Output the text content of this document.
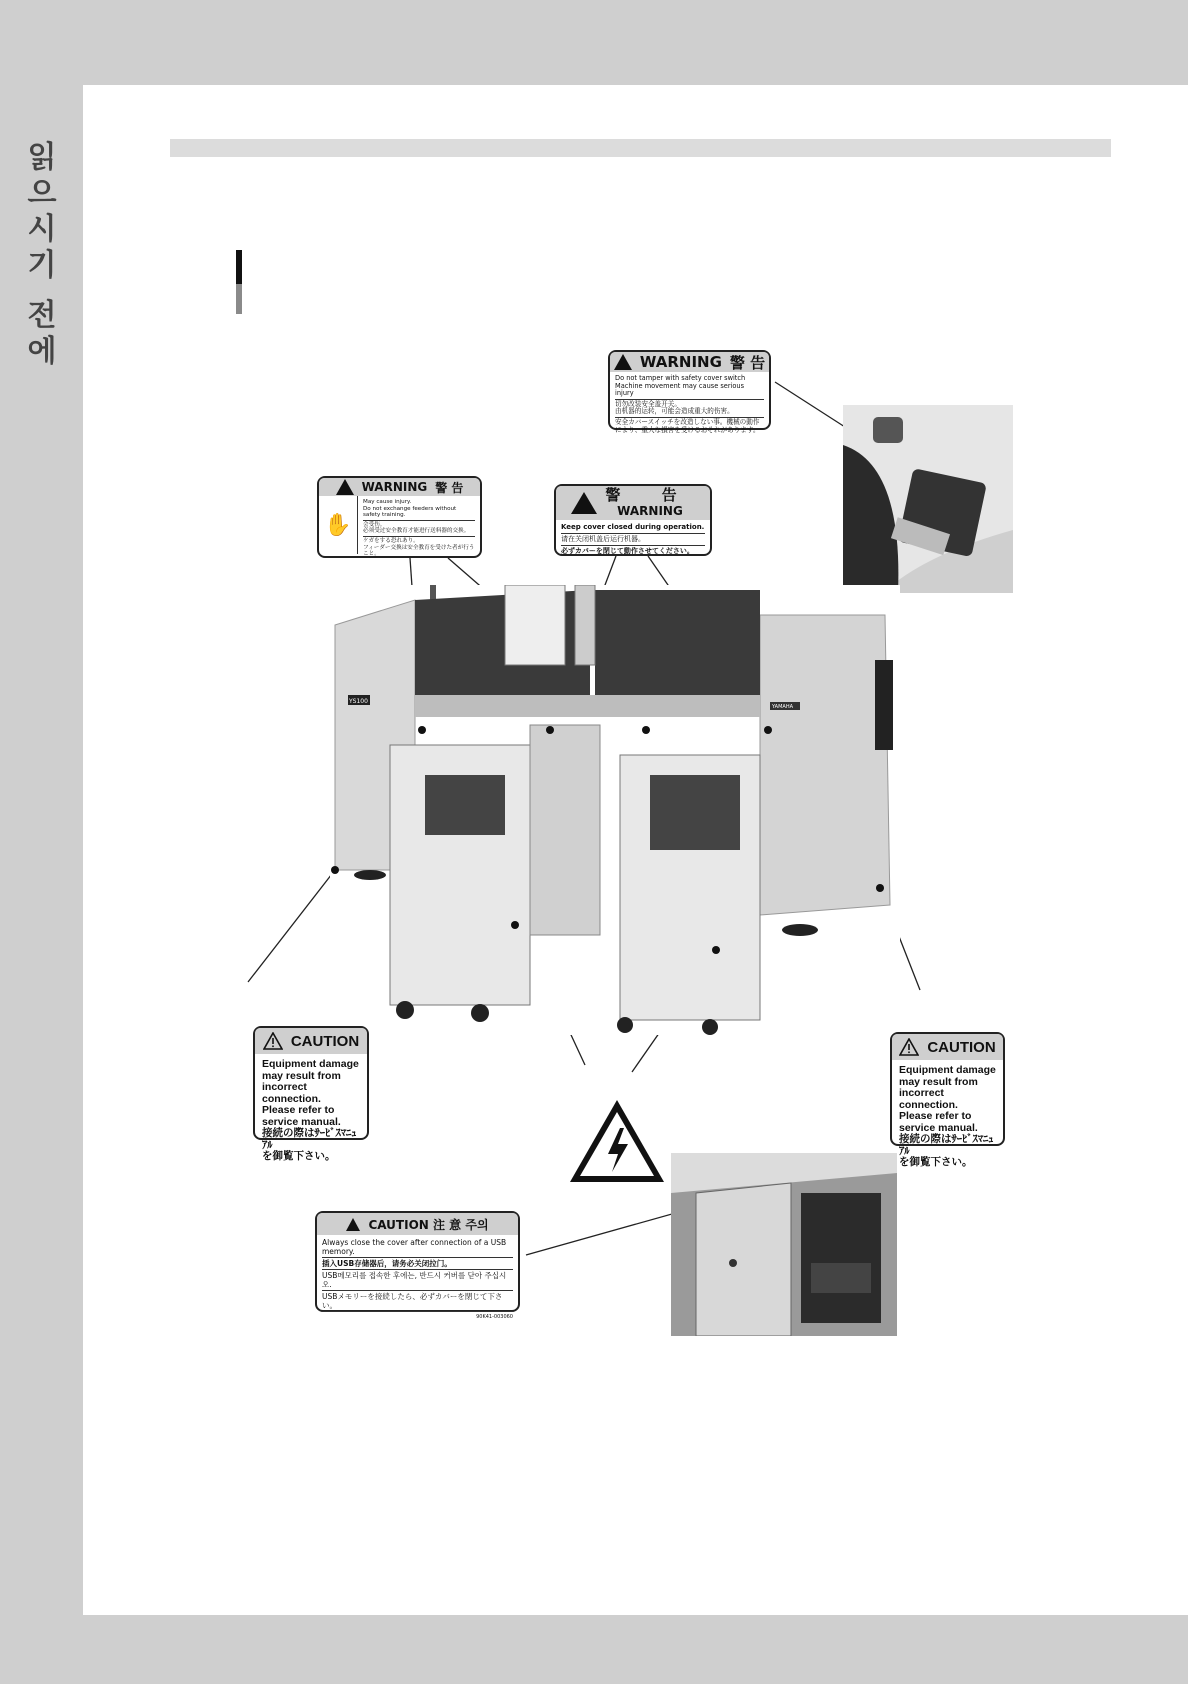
읽
으
시
기
전
에	WARNING 警 告
Do not tamper with safety cover switch
Machine movement may cause serious injury
切勿改装安全盖开关。
由机器的运转，可能会造成重大的伤害。
安全カバースイッチを改造しない事。機械の動作により、重大な損害を受けるおそれがあります。
WARNING 警 告
✋
May cause injury.
Do not exchange feeders without safety training.
会受伤。
必须受过安全教育才能进行送料器的交换。
ケガをする恐れあり。
フィーダー交換は安全教育を受けた者が行うこと。
警 告
WARNING
Keep cover closed during operation.
请在关闭机盖后运行机器。
必ずカバーを閉じて動作させてください。
YS100
YAMAHA
CAUTION
Equipment damage
may result from
incorrect connection.
Please refer to
service manual.
接続の際はｻｰﾋﾞｽﾏﾆｭｱﾙ
を御覧下さい。
CAUTION
Equipment damage
may result from
incorrect connection.
Please refer to
service manual.
接続の際はｻｰﾋﾞｽﾏﾆｭｱﾙ
を御覧下さい。
CAUTION 注 意 주의
Always close the cover after connection of a USB memory.
插入USB存储器后，请务必关闭拉门。
USB메모리를 접속한 후에는, 반드시 커버를 닫아 주십시오.
USBメモリーを接続したら、必ずカバーを閉じて下さい。
90K41-003060
